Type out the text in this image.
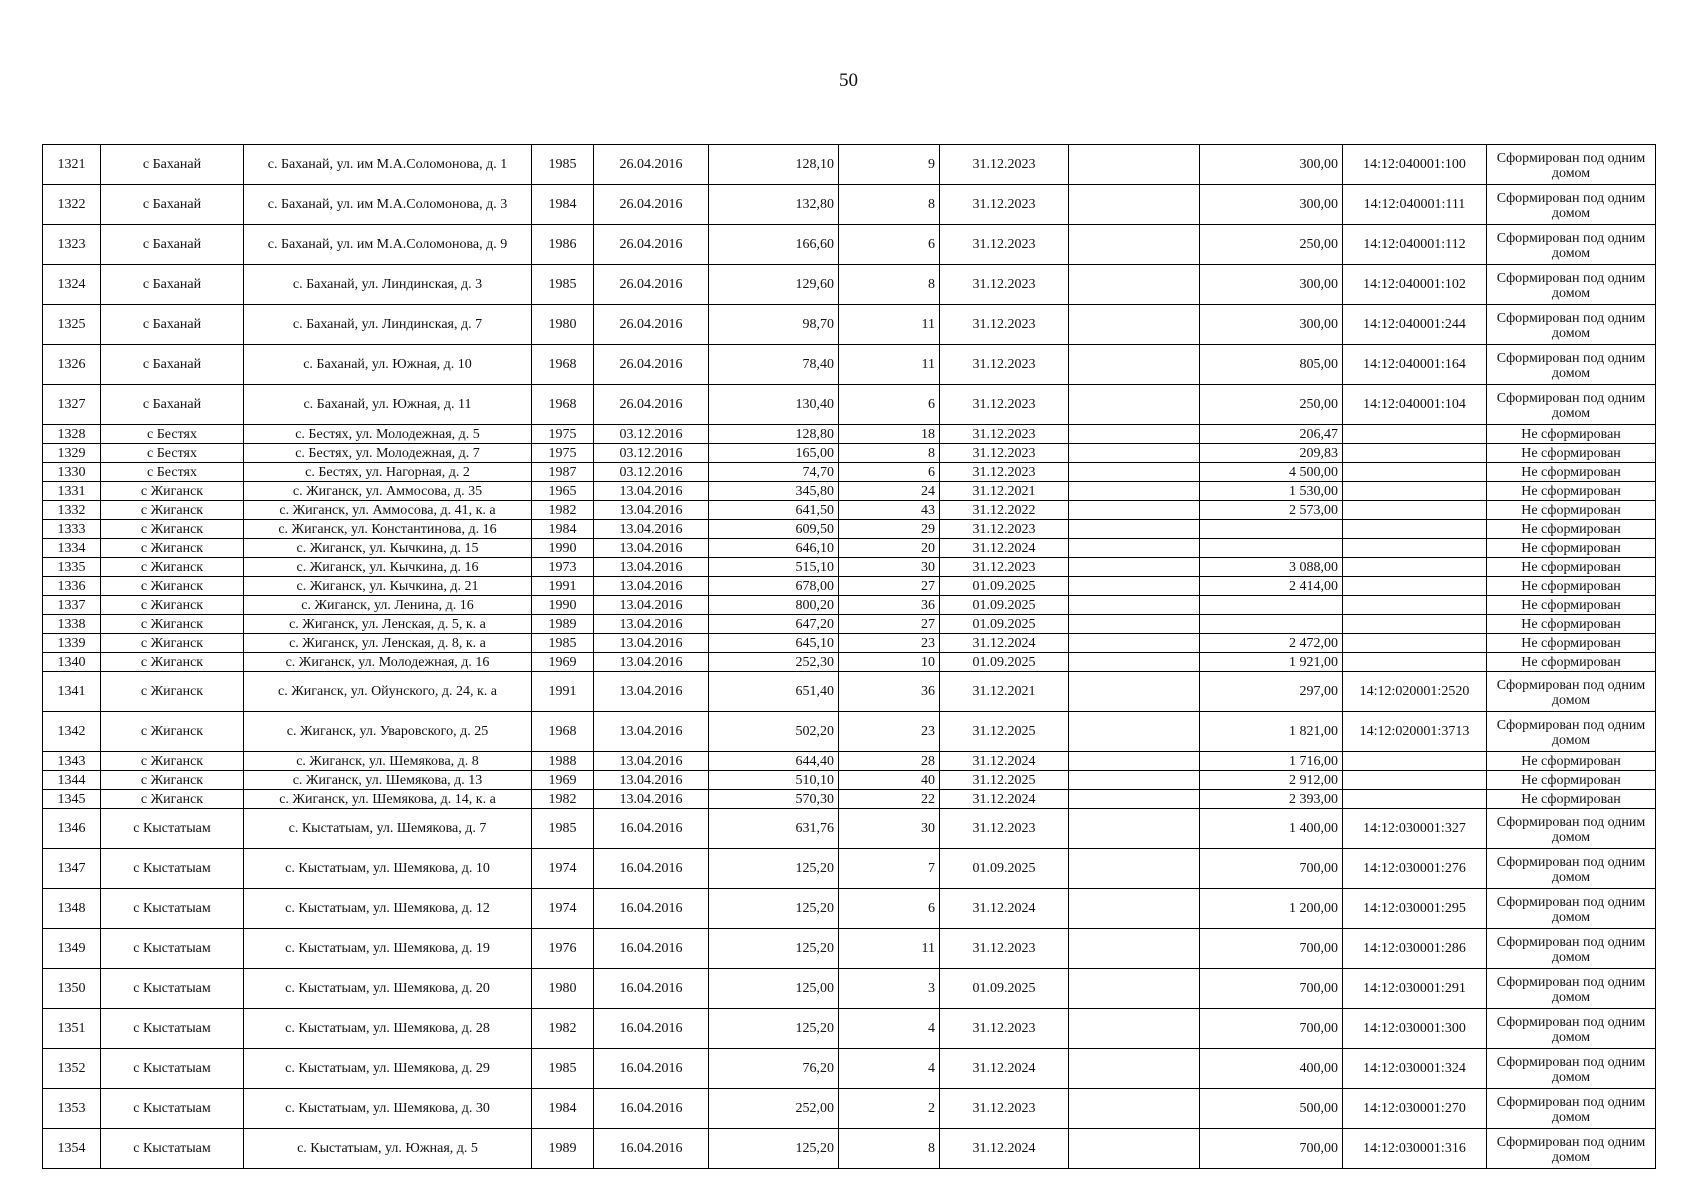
50
1321	с Баханай	с. Баханай, ул. им М.А.Соломонова, д. 1	1985	26.04.2016	128,10	9	31.12.2023		300,00	14:12:040001:100	Сформирован под одним домом
1322	с Баханай	с. Баханай, ул. им М.А.Соломонова, д. 3	1984	26.04.2016	132,80	8	31.12.2023		300,00	14:12:040001:111	Сформирован под одним домом
1323	с Баханай	с. Баханай, ул. им М.А.Соломонова, д. 9	1986	26.04.2016	166,60	6	31.12.2023		250,00	14:12:040001:112	Сформирован под одним домом
1324	с Баханай	с. Баханай, ул. Линдинская, д. 3	1985	26.04.2016	129,60	8	31.12.2023		300,00	14:12:040001:102	Сформирован под одним домом
1325	с Баханай	с. Баханай, ул. Линдинская, д. 7	1980	26.04.2016	98,70	11	31.12.2023		300,00	14:12:040001:244	Сформирован под одним домом
1326	с Баханай	с. Баханай, ул. Южная, д. 10	1968	26.04.2016	78,40	11	31.12.2023		805,00	14:12:040001:164	Сформирован под одним домом
1327	с Баханай	с. Баханай, ул. Южная, д. 11	1968	26.04.2016	130,40	6	31.12.2023		250,00	14:12:040001:104	Сформирован под одним домом
1328	с Бестях	с. Бестях, ул. Молодежная, д. 5	1975	03.12.2016	128,80	18	31.12.2023		206,47		Не сформирован
1329	с Бестях	с. Бестях, ул. Молодежная, д. 7	1975	03.12.2016	165,00	8	31.12.2023		209,83		Не сформирован
1330	с Бестях	с. Бестях, ул. Нагорная, д. 2	1987	03.12.2016	74,70	6	31.12.2023		4 500,00		Не сформирован
1331	с Жиганск	с. Жиганск, ул. Аммосова, д. 35	1965	13.04.2016	345,80	24	31.12.2021		1 530,00		Не сформирован
1332	с Жиганск	с. Жиганск, ул. Аммосова, д. 41, к. а	1982	13.04.2016	641,50	43	31.12.2022		2 573,00		Не сформирован
1333	с Жиганск	с. Жиганск, ул. Константинова, д. 16	1984	13.04.2016	609,50	29	31.12.2023				Не сформирован
1334	с Жиганск	с. Жиганск, ул. Кычкина, д. 15	1990	13.04.2016	646,10	20	31.12.2024				Не сформирован
1335	с Жиганск	с. Жиганск, ул. Кычкина, д. 16	1973	13.04.2016	515,10	30	31.12.2023		3 088,00		Не сформирован
1336	с Жиганск	с. Жиганск, ул. Кычкина, д. 21	1991	13.04.2016	678,00	27	01.09.2025		2 414,00		Не сформирован
1337	с Жиганск	с. Жиганск, ул. Ленина, д. 16	1990	13.04.2016	800,20	36	01.09.2025				Не сформирован
1338	с Жиганск	с. Жиганск, ул. Ленская, д. 5, к. а	1989	13.04.2016	647,20	27	01.09.2025				Не сформирован
1339	с Жиганск	с. Жиганск, ул. Ленская, д. 8, к. а	1985	13.04.2016	645,10	23	31.12.2024		2 472,00		Не сформирован
1340	с Жиганск	с. Жиганск, ул. Молодежная, д. 16	1969	13.04.2016	252,30	10	01.09.2025		1 921,00		Не сформирован
1341	с Жиганск	с. Жиганск, ул. Ойунского, д. 24, к. а	1991	13.04.2016	651,40	36	31.12.2021		297,00	14:12:020001:2520	Сформирован под одним домом
1342	с Жиганск	с. Жиганск, ул. Уваровского, д. 25	1968	13.04.2016	502,20	23	31.12.2025		1 821,00	14:12:020001:3713	Сформирован под одним домом
1343	с Жиганск	с. Жиганск, ул. Шемякова, д. 8	1988	13.04.2016	644,40	28	31.12.2024		1 716,00		Не сформирован
1344	с Жиганск	с. Жиганск, ул. Шемякова, д. 13	1969	13.04.2016	510,10	40	31.12.2025		2 912,00		Не сформирован
1345	с Жиганск	с. Жиганск, ул. Шемякова, д. 14, к. а	1982	13.04.2016	570,30	22	31.12.2024		2 393,00		Не сформирован
1346	с Кыстатыам	с. Кыстатыам, ул. Шемякова, д. 7	1985	16.04.2016	631,76	30	31.12.2023		1 400,00	14:12:030001:327	Сформирован под одним домом
1347	с Кыстатыам	с. Кыстатыам, ул. Шемякова, д. 10	1974	16.04.2016	125,20	7	01.09.2025		700,00	14:12:030001:276	Сформирован под одним домом
1348	с Кыстатыам	с. Кыстатыам, ул. Шемякова, д. 12	1974	16.04.2016	125,20	6	31.12.2024		1 200,00	14:12:030001:295	Сформирован под одним домом
1349	с Кыстатыам	с. Кыстатыам, ул. Шемякова, д. 19	1976	16.04.2016	125,20	11	31.12.2023		700,00	14:12:030001:286	Сформирован под одним домом
1350	с Кыстатыам	с. Кыстатыам, ул. Шемякова, д. 20	1980	16.04.2016	125,00	3	01.09.2025		700,00	14:12:030001:291	Сформирован под одним домом
1351	с Кыстатыам	с. Кыстатыам, ул. Шемякова, д. 28	1982	16.04.2016	125,20	4	31.12.2023		700,00	14:12:030001:300	Сформирован под одним домом
1352	с Кыстатыам	с. Кыстатыам, ул. Шемякова, д. 29	1985	16.04.2016	76,20	4	31.12.2024		400,00	14:12:030001:324	Сформирован под одним домом
1353	с Кыстатыам	с. Кыстатыам, ул. Шемякова, д. 30	1984	16.04.2016	252,00	2	31.12.2023		500,00	14:12:030001:270	Сформирован под одним домом
1354	с Кыстатыам	с. Кыстатыам, ул. Южная, д. 5	1989	16.04.2016	125,20	8	31.12.2024		700,00	14:12:030001:316	Сформирован под одним домом
